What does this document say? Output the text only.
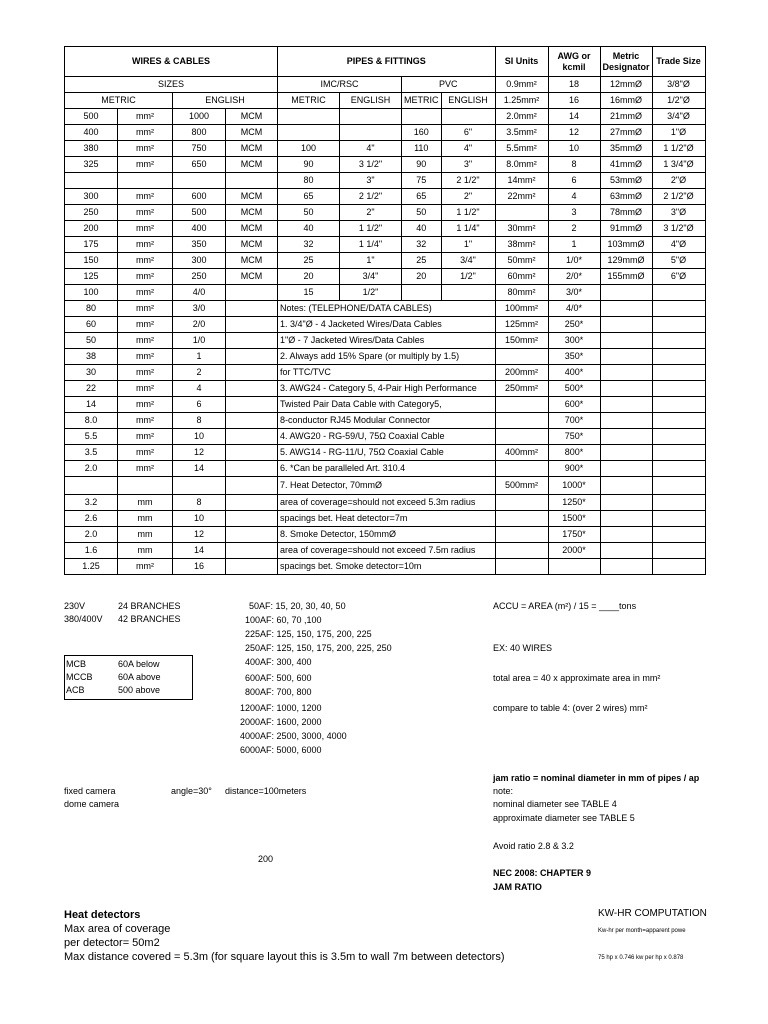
WIRES & CABLES				PIPES & FITTINGS				SI Units	AWG or kcmil	Metric Designator	Trade Size
SIZES				IMC/RSC		PVC		0.9mm²	18	12mmØ	3/8"Ø
METRIC		ENGLISH		METRIC	ENGLISH	METRIC	ENGLISH	1.25mm²	16	16mmØ	1/2"Ø
500	mm²	1000	MCM					2.0mm²	14	21mmØ	3/4"Ø
400	mm²	800	MCM			160	6"	3.5mm²	12	27mmØ	1"Ø
380	mm²	750	MCM	100	4"	110	4"	5.5mm²	10	35mmØ	1 1/2"Ø
325	mm²	650	MCM	90	3 1/2"	90	3"	8.0mm²	8	41mmØ	1 3/4"Ø
				80	3"	75	2 1/2"	14mm²	6	53mmØ	2"Ø
300	mm²	600	MCM	65	2 1/2"	65	2"	22mm²	4	63mmØ	2 1/2"Ø
250	mm²	500	MCM	50	2"	50	1 1/2"		3	78mmØ	3"Ø
200	mm²	400	MCM	40	1 1/2"	40	1 1/4"	30mm²	2	91mmØ	3 1/2"Ø
175	mm²	350	MCM	32	1 1/4"	32	1"	38mm²	1	103mmØ	4"Ø
150	mm²	300	MCM	25	1"	25	3/4"	50mm²	1/0*	129mmØ	5"Ø
125	mm²	250	MCM	20	3/4"	20	1/2"	60mm²	2/0*	155mmØ	6"Ø
100	mm²	4/0		15	1/2"			80mm²	3/0*		
80	mm²	3/0		Notes: (TELEPHONE/DATA CABLES)				100mm²	4/0*		
60	mm²	2/0		1. 3/4"Ø - 4 Jacketed Wires/Data Cables				125mm²	250*		
50	mm²	1/0		1"Ø - 7 Jacketed Wires/Data Cables				150mm²	300*		
38	mm²	1		2. Always add 15% Spare (or multiply by 1.5)					350*		
30	mm²	2		for TTC/TVC				200mm²	400*		
22	mm²	4		3. AWG24 - Category 5, 4-Pair High Performance				250mm²	500*		
14	mm²	6		Twisted Pair Data Cable with Category5,					600*		
8.0	mm²	8		8-conductor RJ45 Modular Connector					700*		
5.5	mm²	10		4. AWG20 - RG-59/U, 75Ω Coaxial Cable					750*		
3.5	mm²	12		5. AWG14 - RG-11/U, 75Ω Coaxial Cable				400mm²	800*		
2.0	mm²	14		6. *Can be paralleled Art. 310.4					900*		
				7. Heat Detector, 70mmØ				500mm²	1000*		
3.2	mm	8		area of coverage=should not exceed 5.3m radius					1250*		
2.6	mm	10		spacings bet. Heat detector=7m					1500*		
2.0	mm	12		8. Smoke Detector, 150mmØ					1750*		
1.6	mm	14		area of coverage=should not exceed 7.5m radius					2000*		
1.25	mm²	16		spacings bet. Smoke detector=10m							
230V	24 BRANCHES
380/400V 42 BRANCHES
MCB	60A below
MCCB	60A above
ACB	500 above
50AF: 15, 20, 30, 40, 50
100AF: 60, 70 ,100
225AF: 125, 150, 175, 200, 225
250AF: 125, 150, 175, 200, 225, 250
400AF: 300, 400
600AF: 500, 600
800AF: 700, 800
1200AF: 1000, 1200
2000AF: 1600, 2000
4000AF: 2500, 3000, 4000
6000AF: 5000, 6000
ACCU = AREA (m²) / 15 = ____tons
EX: 40 WIRES
total area = 40 x approximate area in mm²
compare to table 4: (over 2 wires) mm²
jam ratio = nominal diameter in mm of pipes / ap
note:
nominal diameter see TABLE 4
approximate diameter see TABLE 5
Avoid ratio 2.8 & 3.2
NEC 2008: CHAPTER 9
JAM RATIO
KW-HR COMPUTATION
Kw-hr per month=apparent powe
75 hp x 0.746 kw per hp x 0.878
fixed camera	angle=30° distance=100meters
dome camera
200
Heat detectors
Max area of coverage
per detector= 50m2
Max distance covered = 5.3m (for square layout this is 3.5m to wall 7m between detectors)
